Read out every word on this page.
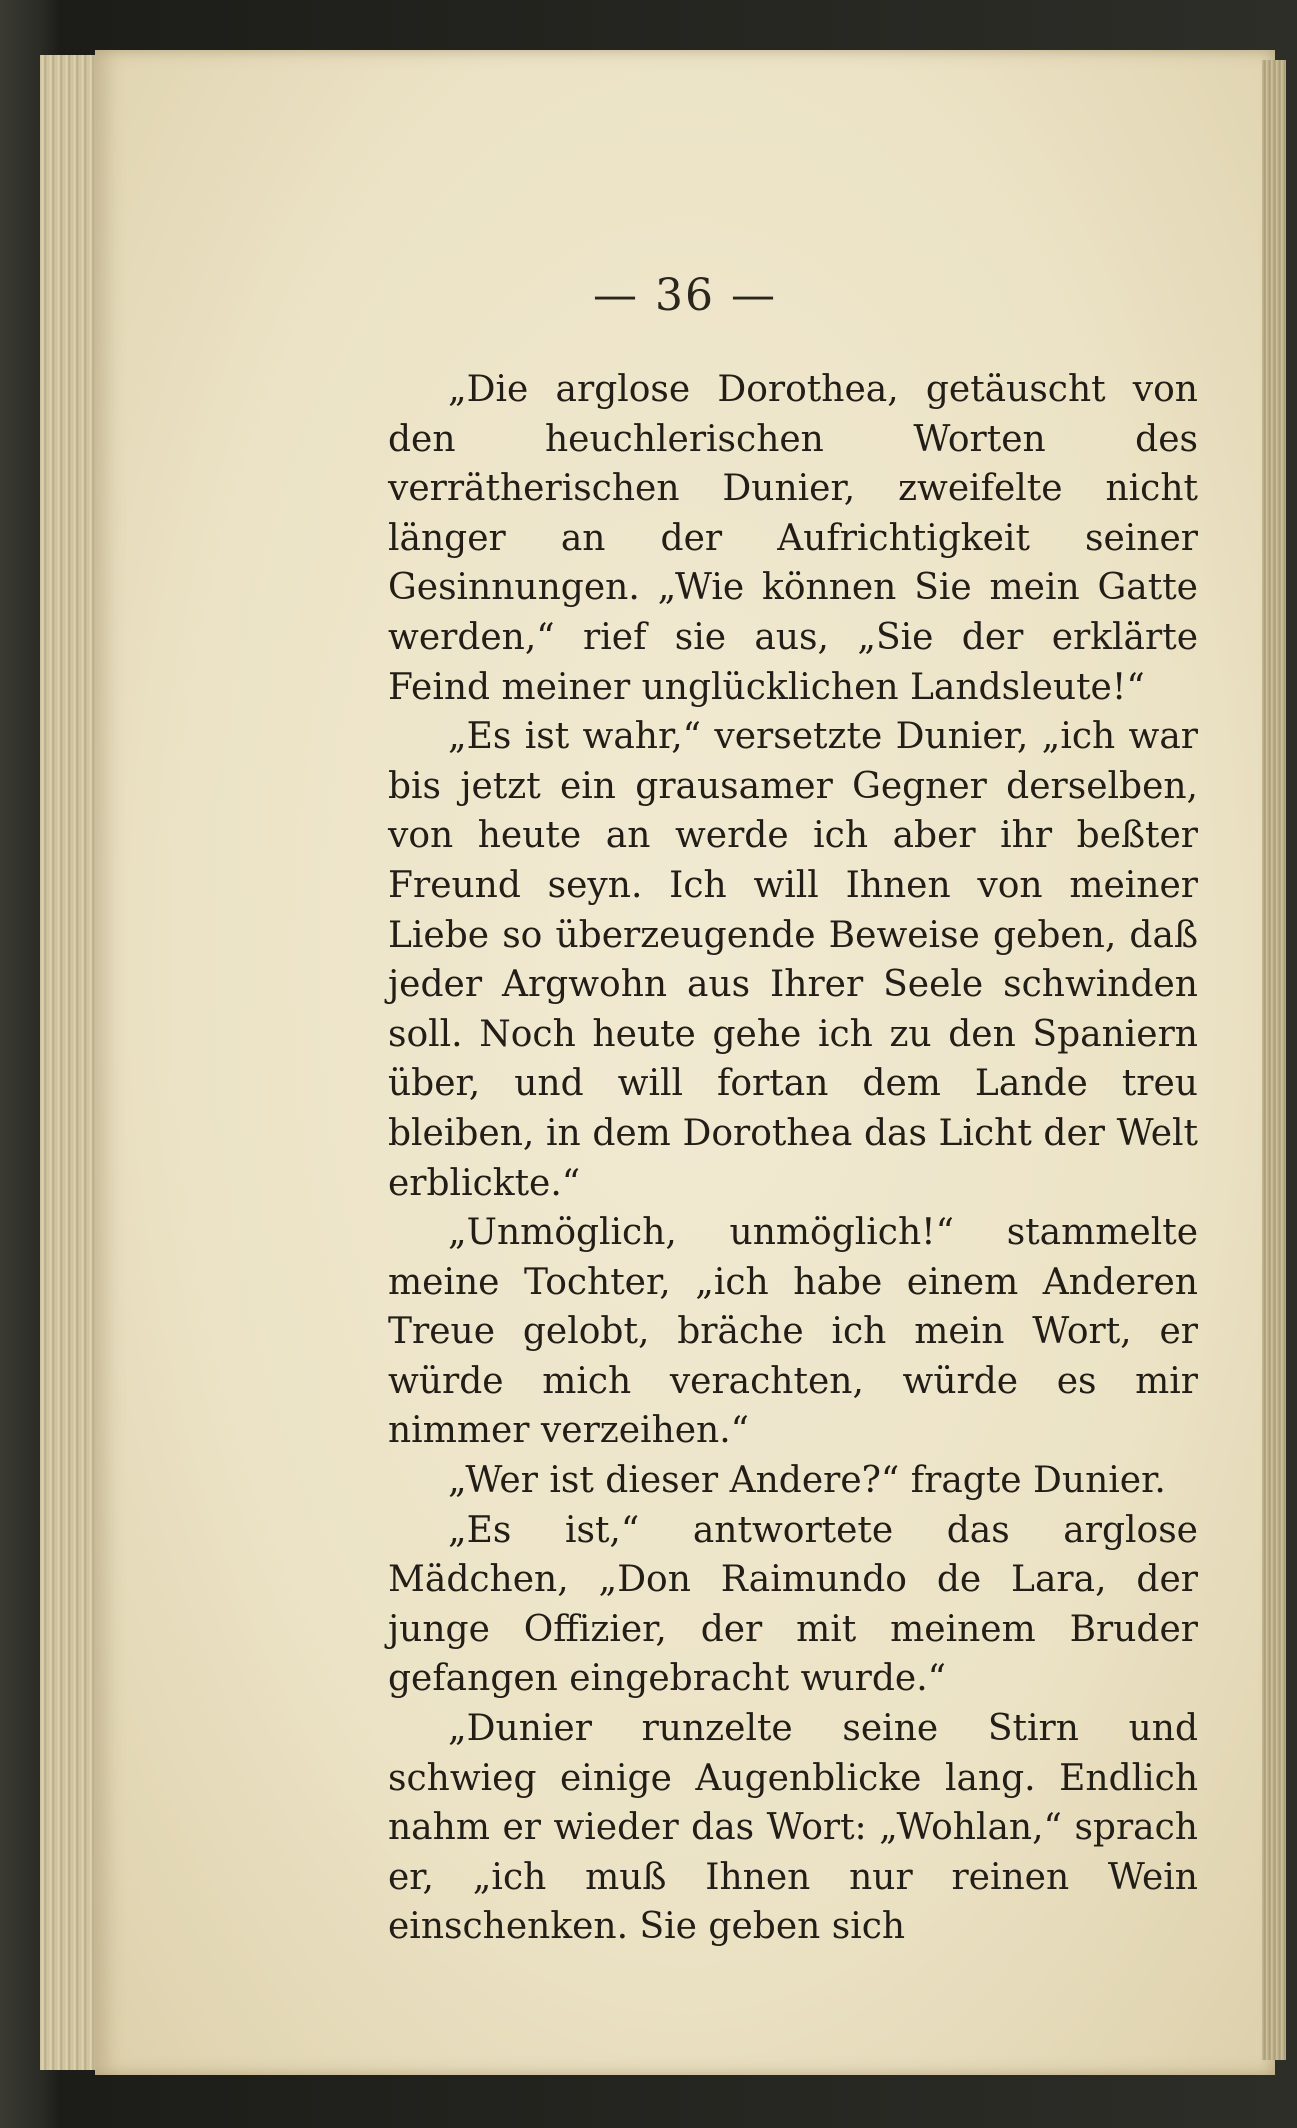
— 36 —

„Die arglose Dorothea, getäuscht von den heuchlerischen Worten des verrätherischen Dunier, zweifelte nicht länger an der Aufrichtigkeit seiner Gesinnungen. „Wie können Sie mein Gatte werden,“ rief sie aus, „Sie der erklärte Feind meiner unglücklichen Landsleute!“

„Es ist wahr,“ versetzte Dunier, „ich war bis jetzt ein grausamer Gegner derselben, von heute an werde ich aber ihr beßter Freund seyn. Ich will Ihnen von meiner Liebe so überzeugende Beweise geben, daß jeder Argwohn aus Ihrer Seele schwinden soll. Noch heute gehe ich zu den Spaniern über, und will fortan dem Lande treu bleiben, in dem Dorothea das Licht der Welt erblickte.“

„Unmöglich, unmöglich!“ stammelte meine Tochter, „ich habe einem Anderen Treue gelobt, bräche ich mein Wort, er würde mich verachten, würde es mir nimmer verzeihen.“

„Wer ist dieser Andere?“ fragte Dunier.

„Es ist,“ antwortete das arglose Mädchen, „Don Raimundo de Lara, der junge Offizier, der mit meinem Bruder gefangen eingebracht wurde.“

„Dunier runzelte seine Stirn und schwieg einige Augenblicke lang. Endlich nahm er wieder das Wort: „Wohlan,“ sprach er, „ich muß Ihnen nur reinen Wein einschenken. Sie geben sich
